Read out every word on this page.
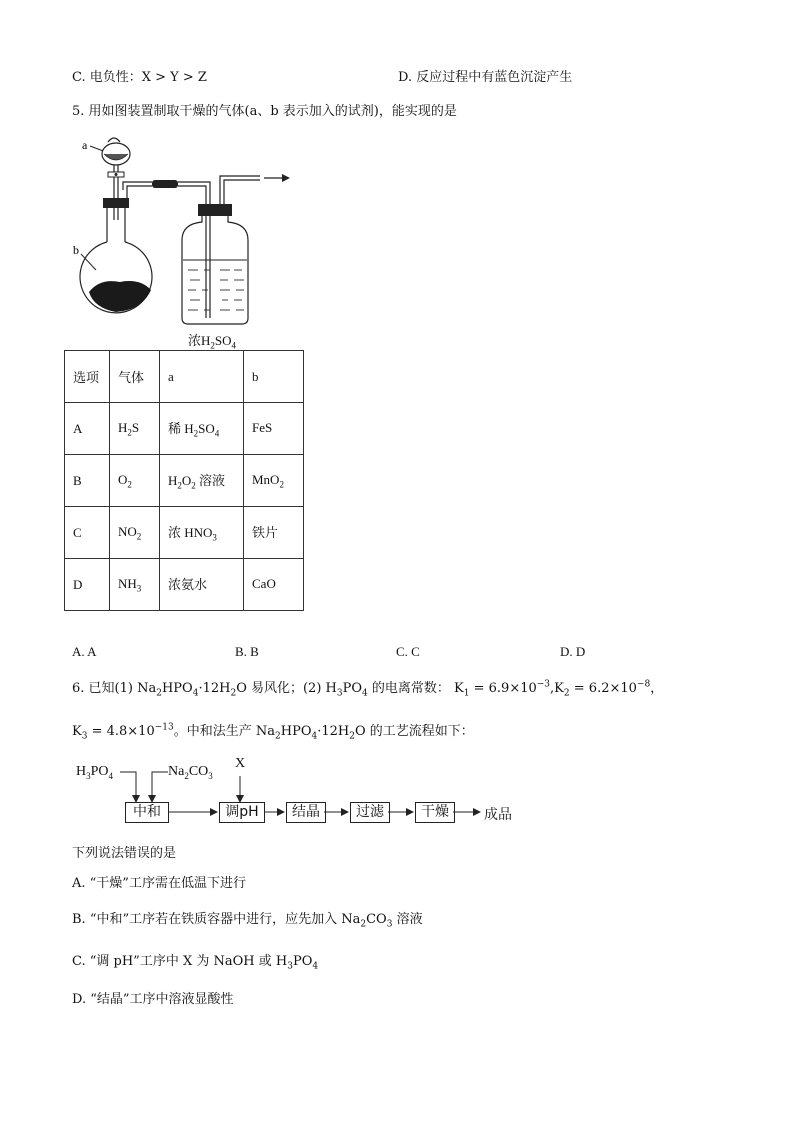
C. 电负性：X > Y > Z	D. 反应过程中有蓝色沉淀产生
5. 用如图装置制取干燥的气体(a、b 表示加入的试剂)，能实现的是
a
b
浓$H_2SO_4$
选项	气体	a	b
A	$H_2S$	稀 $H_2SO_4$	FeS
B	$O_2$	$H_2O_2$ 溶液	MnO$_2$
C	$NO_2$	浓 $HNO_3$	铁片
D	$NH_3$	浓氨水	CaO
A. A	B. B	C. C	D. D
6. 已知(1) $Na_2HPO_4\cdot 12H_2O$ 易风化；(2) $H_3PO_4$ 的电离常数： $K_1 = 6.9\times 10^{-3},K_2 = 6.2\times 10^{-8}$，
$K_3 = 4.8\times 10^{-13}$。中和法生产 $Na_2HPO_4\cdot 12H_2O$ 的工艺流程如下：
$H_3PO_4$	$Na_2CO_3$
X
中和	调pH	结晶	过滤	干燥	成品
下列说法错误的是
A. “干燥”工序需在低温下进行
B. “中和”工序若在铁质容器中进行，应先加入 $Na_2CO_3$ 溶液
C. “调 pH”工序中 X 为 NaOH 或 $H_3PO_4$
D. “结晶”工序中溶液显酸性
